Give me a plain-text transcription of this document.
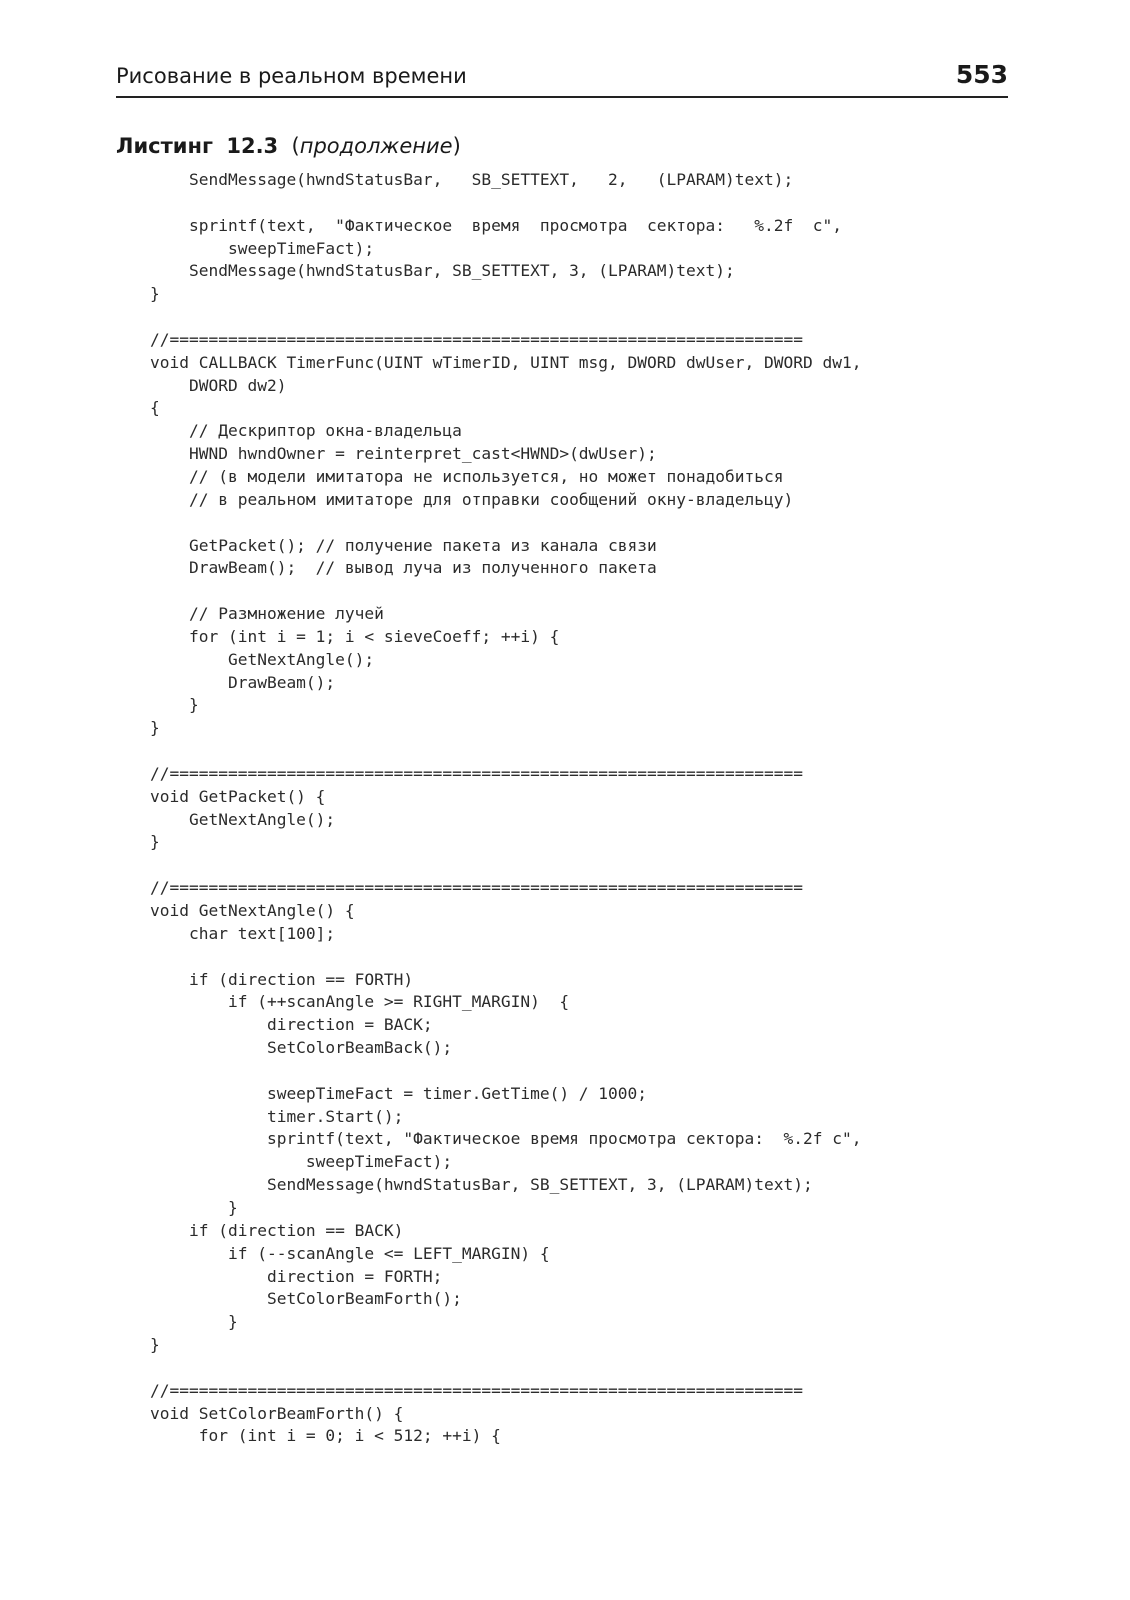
Рисование в реальном времени	553
Листинг 12.3 (продолжение)
SendMessage(hwndStatusBar,   SB_SETTEXT,   2,   (LPARAM)text);
sprintf(text,  "Фактическое  время  просмотра  сектора:   %.2f  с",
sweepTimeFact);
SendMessage(hwndStatusBar, SB_SETTEXT, 3, (LPARAM)text);
}
//=================================================================
void CALLBACK TimerFunc(UINT wTimerID, UINT msg, DWORD dwUser, DWORD dw1,
DWORD dw2)
{
// Дескриптор окна-владельца
HWND hwndOwner = reinterpret_cast<HWND>(dwUser);
// (в модели имитатора не используется, но может понадобиться
// в реальном имитаторе для отправки сообщений окну-владельцу)
GetPacket(); // получение пакета из канала связи
DrawBeam();  // вывод луча из полученного пакета
// Размножение лучей
for (int i = 1; i < sieveCoeff; ++i) {
GetNextAngle();
DrawBeam();
}
}
//=================================================================
void GetPacket() {
GetNextAngle();
}
//=================================================================
void GetNextAngle() {
char text[100];
if (direction == FORTH)
if (++scanAngle >= RIGHT_MARGIN)  {
direction = BACK;
SetColorBeamBack();
sweepTimeFact = timer.GetTime() / 1000;
timer.Start();
sprintf(text, "Фактическое время просмотра сектора:  %.2f с",
sweepTimeFact);
SendMessage(hwndStatusBar, SB_SETTEXT, 3, (LPARAM)text);
}
if (direction == BACK)
if (--scanAngle <= LEFT_MARGIN) {
direction = FORTH;
SetColorBeamForth();
}
}
//=================================================================
void SetColorBeamForth() {
for (int i = 0; i < 512; ++i) {
